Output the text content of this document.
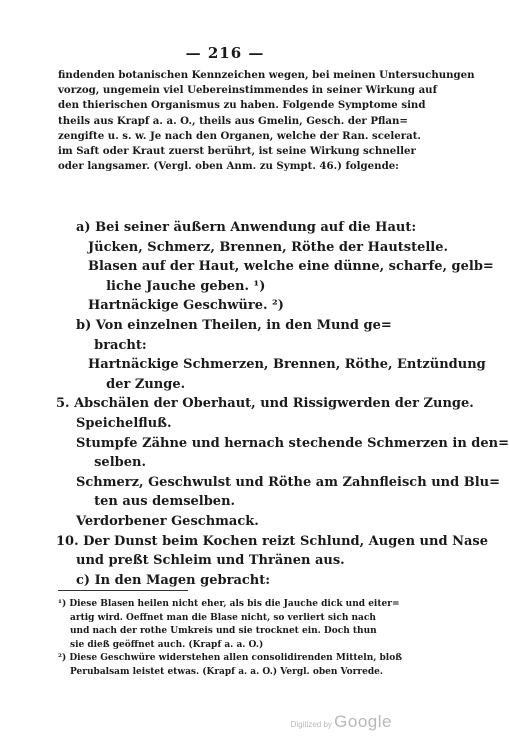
— 216 —
findenden botanischen Kennzeichen wegen, bei meinen Untersuchungen
vorzog, ungemein viel Uebereinstimmendes in seiner Wirkung auf
den thierischen Organismus zu haben. Folgende Symptome sind
theils aus Krapf a. a. O., theils aus Gmelin, Gesch. der Pflan=
zengifte u. s. w. Je nach den Organen, welche der Ran. scelerat.
im Saft oder Kraut zuerst berührt, ist seine Wirkung schneller
oder langsamer. (Vergl. oben Anm. zu Sympt. 46.) folgende:
a) Bei seiner äußern Anwendung auf die Haut:
Jücken, Schmerz, Brennen, Röthe der Hautstelle.
Blasen auf der Haut, welche eine dünne, scharfe, gelb=
liche Jauche geben. ¹)
Hartnäckige Geschwüre. ²)
b) Von einzelnen Theilen, in den Mund ge=
bracht:
Hartnäckige Schmerzen, Brennen, Röthe, Entzündung
der Zunge.
5. Abschälen der Oberhaut, und Rissigwerden der Zunge.
Speichelfluß.
Stumpfe Zähne und hernach stechende Schmerzen in den=
selben.
Schmerz, Geschwulst und Röthe am Zahnfleisch und Blu=
ten aus demselben.
Verdorbener Geschmack.
10. Der Dunst beim Kochen reizt Schlund, Augen und Nase
und preßt Schleim und Thränen aus.
c) In den Magen gebracht:
¹) Diese Blasen heilen nicht eher, als bis die Jauche dick und eiter=
artig wird. Oeffnet man die Blase nicht, so verliert sich nach
und nach der rothe Umkreis und sie trocknet ein. Doch thun
sie dieß geöffnet auch. (Krapf a. a. O.)
²) Diese Geschwüre widerstehen allen consolidirenden Mitteln, bloß
Perubalsam leistet etwas. (Krapf a. a. O.) Vergl. oben Vorrede.
Digitized by Google
